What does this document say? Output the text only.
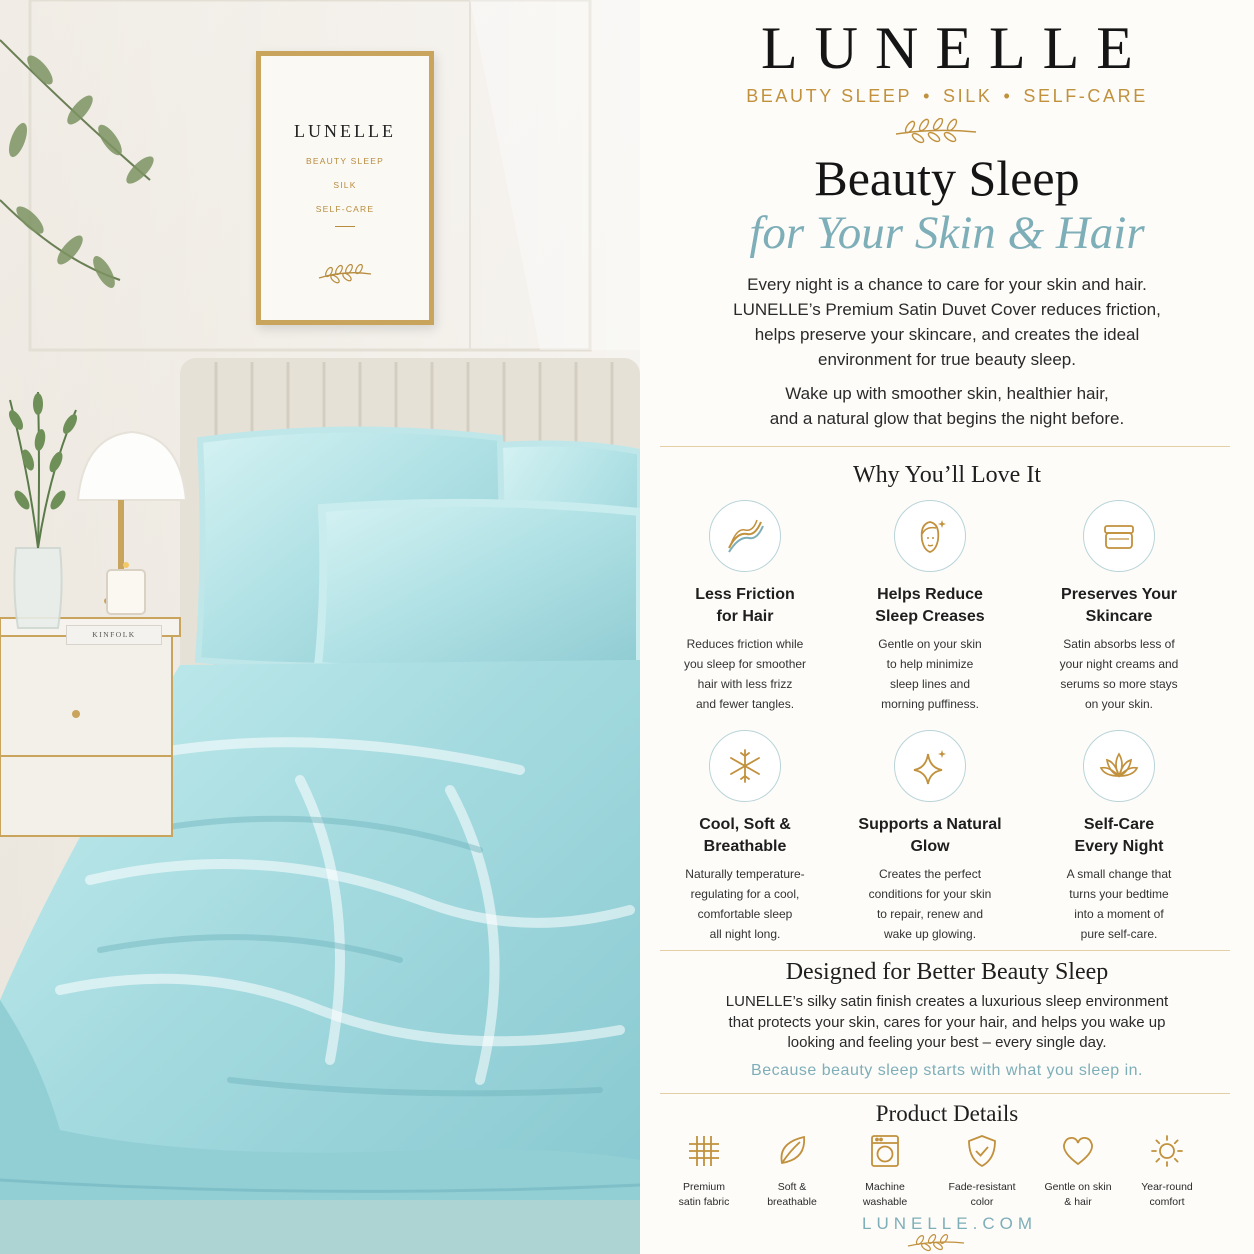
LUNELLE
BEAUTY SLEEP
SILK
SELF-CARE
KINFOLK
LUNELLE
BEAUTY SLEEP • SILK • SELF-CARE
Beauty Sleep
for Your Skin & Hair
Every night is a chance to care for your skin and hair.
LUNELLE’s Premium Satin Duvet Cover reduces friction,
helps preserve your skincare, and creates the ideal
environment for true beauty sleep.
Wake up with smoother skin, healthier hair,
and a natural glow that begins the night before.
Why You’ll Love It
Less Friction
for Hair
Reduces friction while
you sleep for smoother
hair with less frizz
and fewer tangles.
Helps Reduce
Sleep Creases
Gentle on your skin
to help minimize
sleep lines and
morning puffiness.
Preserves Your
Skincare
Satin absorbs less of
your night creams and
serums so more stays
on your skin.
Cool, Soft &
Breathable
Naturally temperature-
regulating for a cool,
comfortable sleep
all night long.
Supports a Natural
Glow
Creates the perfect
conditions for your skin
to repair, renew and
wake up glowing.
Self-Care
Every Night
A small change that
turns your bedtime
into a moment of
pure self-care.
Designed for Better Beauty Sleep
LUNELLE’s silky satin finish creates a luxurious sleep environment
that protects your skin, cares for your hair, and helps you wake up
looking and feeling your best – every single day.
Because beauty sleep starts with what you sleep in.
Product Details
Premium
satin fabric
Soft &
breathable
Machine
washable
Fade-resistant
color
Gentle on skin
& hair
Year-round
comfort
LUNELLE.COM
